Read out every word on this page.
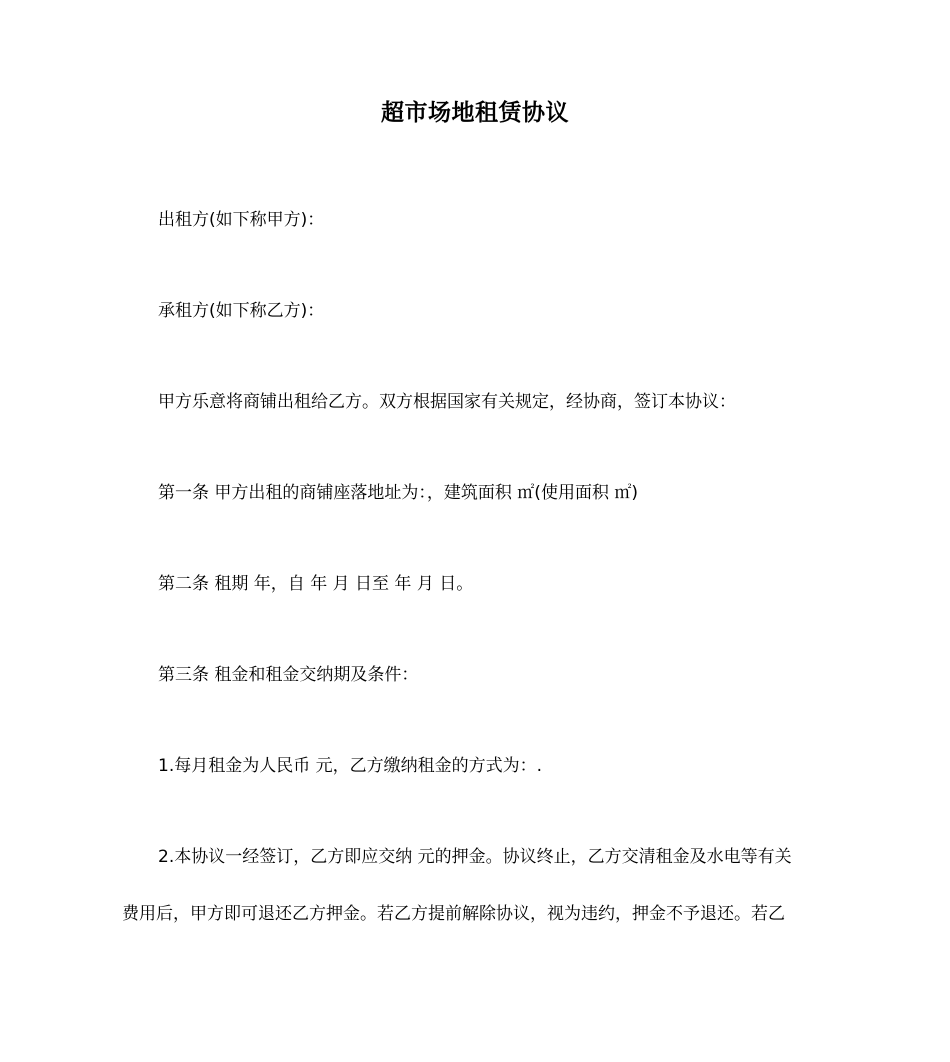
超市场地租赁协议
出租方(如下称甲方)：
承租方(如下称乙方)：
甲方乐意将商铺出租给乙方。双方根据国家有关规定，经协商，签订本协议：
第一条 甲方出租的商铺座落地址为：，建筑面积 ㎡(使用面积 ㎡)
第二条 租期 年，自 年 月 日至 年 月 日。
第三条 租金和租金交纳期及条件：
1.每月租金为人民币 元，乙方缴纳租金的方式为：.
2.本协议一经签订，乙方即应交纳 元的押金。协议终止，乙方交清租金及水电等有关
费用后，甲方即可退还乙方押金。若乙方提前解除协议，视为违约，押金不予退还。若乙
